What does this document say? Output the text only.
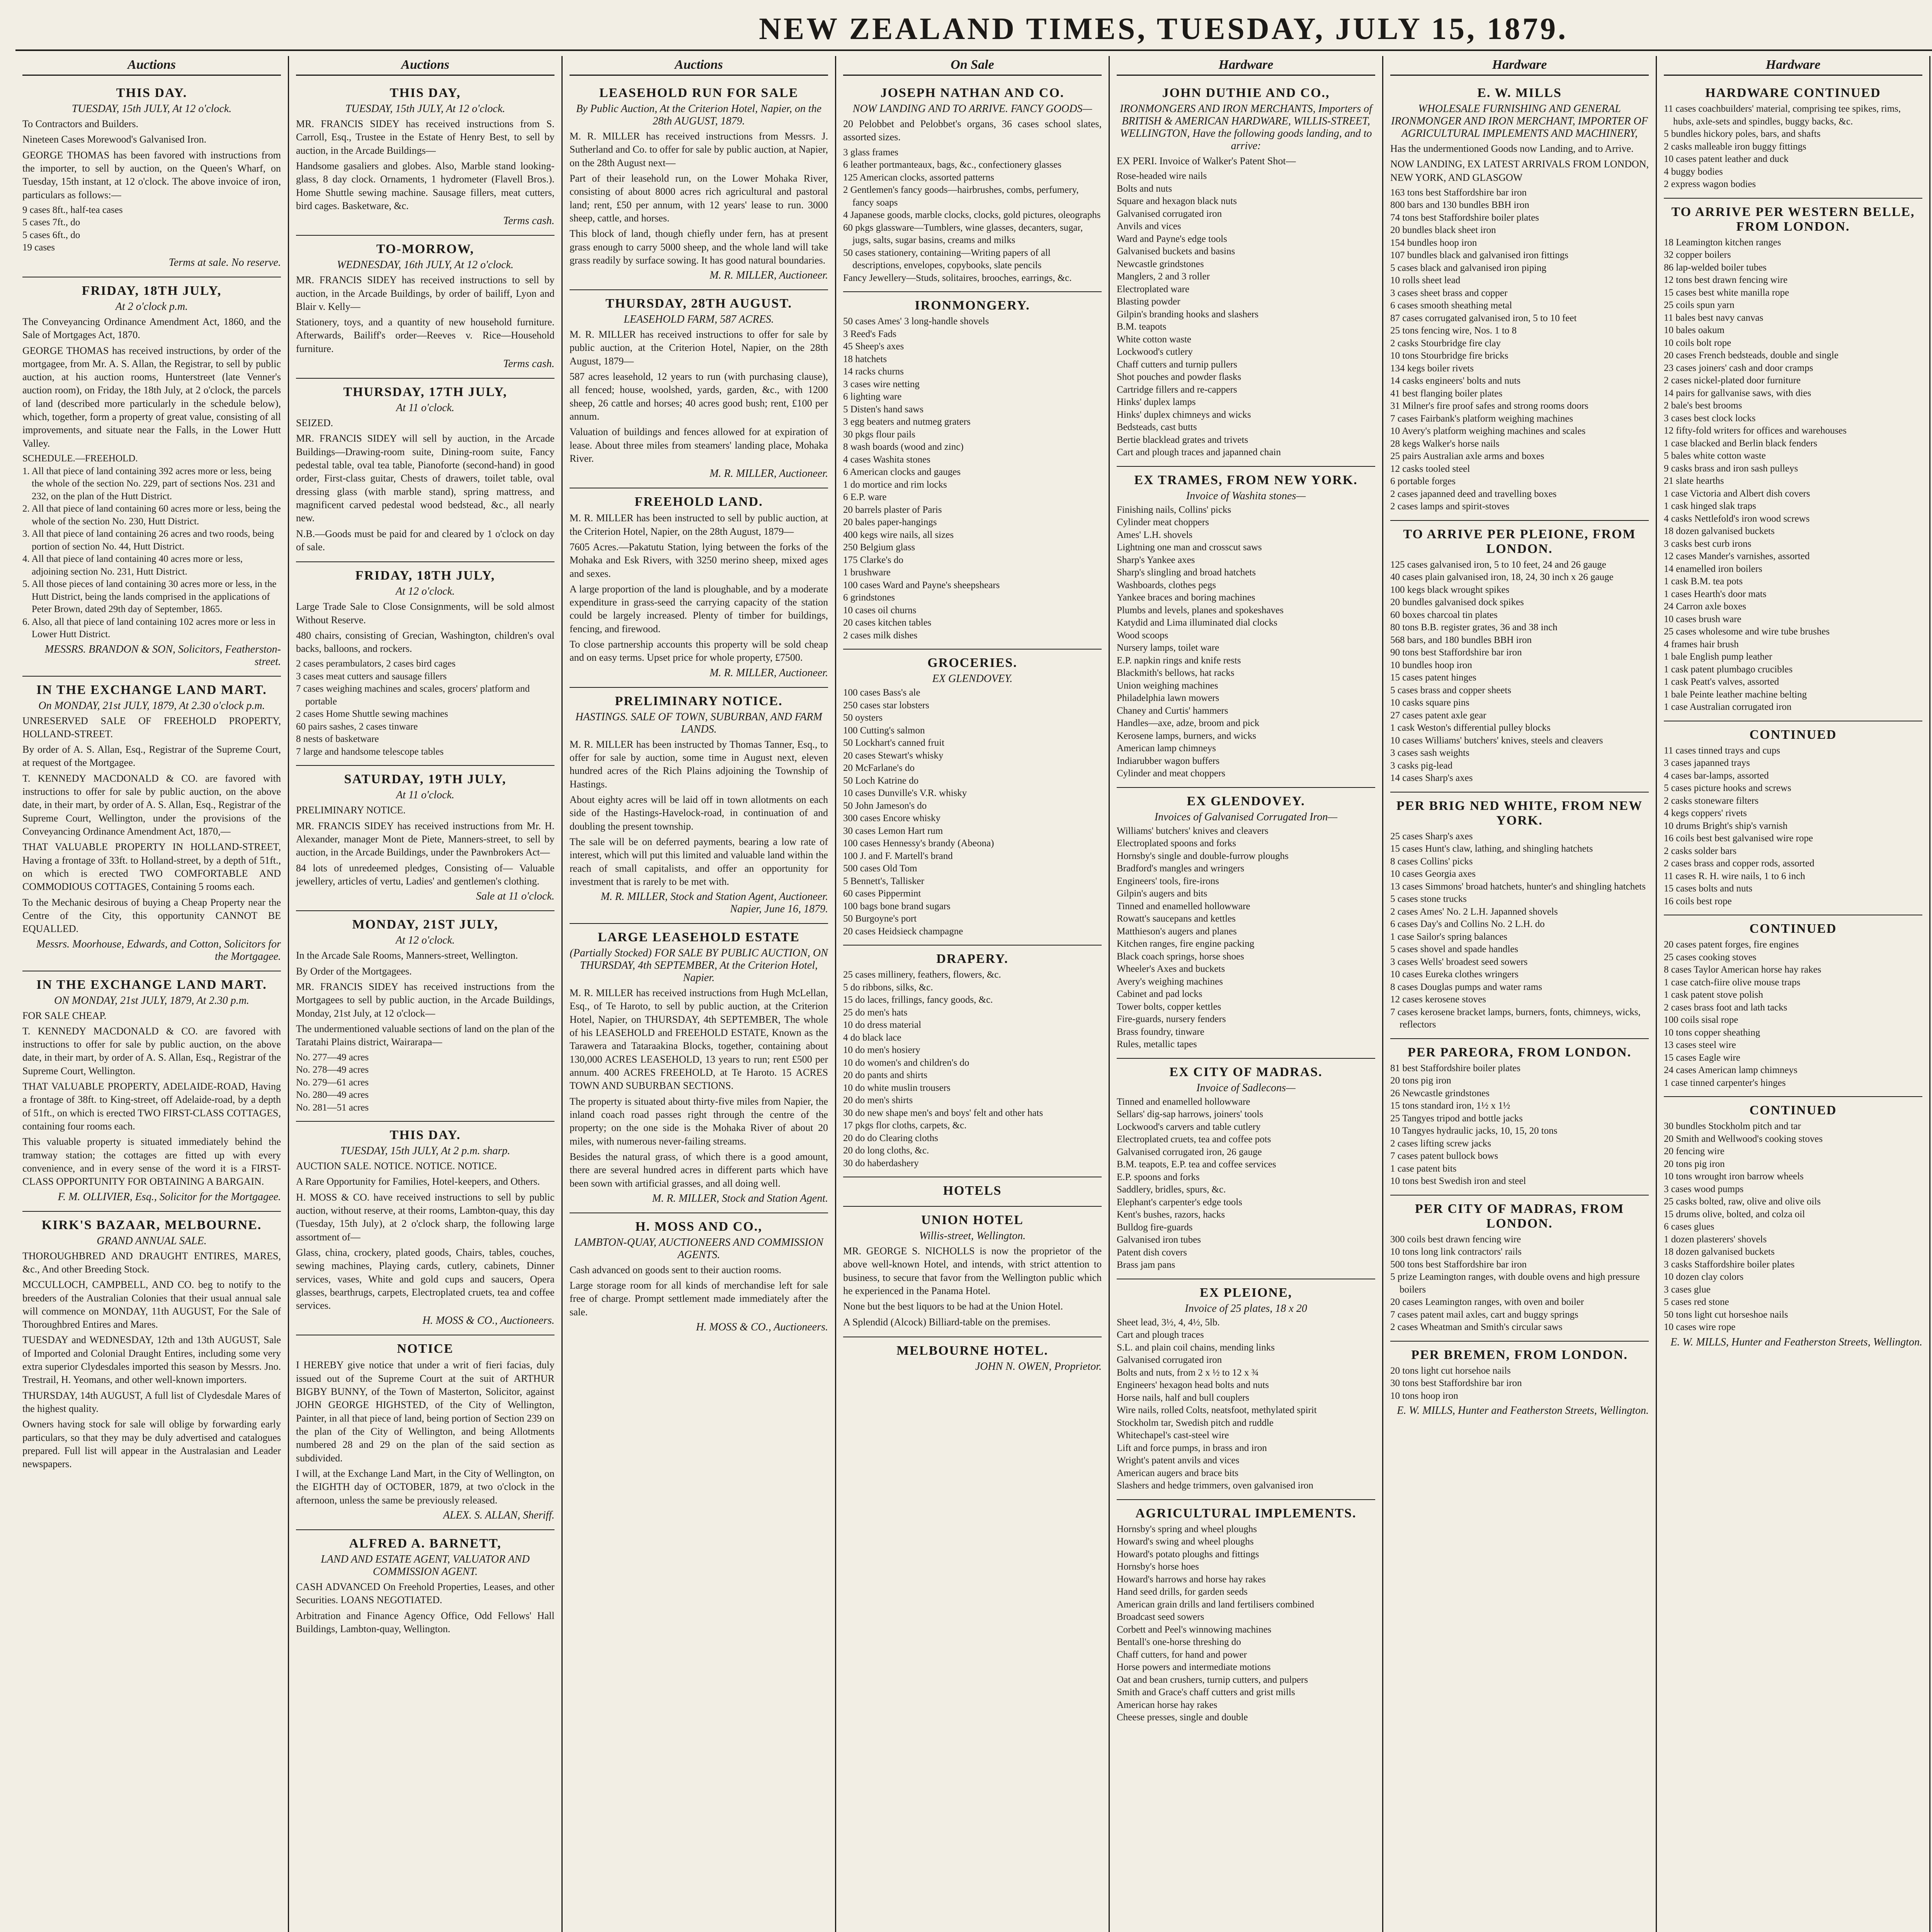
NEW ZEALAND TIMES, TUESDAY, JULY 15, 1879.
Auctions
THIS DAY.
TUESDAY, 15th JULY, At 12 o'clock.
To Contractors and Builders.
Nineteen Cases Morewood's Galvanised Iron.
GEORGE THOMAS has been favored with instructions from the importer, to sell by auction, on the Queen's Wharf, on Tuesday, 15th instant, at 12 o'clock. The above invoice of iron, particulars as follows:—
9 cases 8ft., half-tea cases
5 cases 7ft., do
5 cases 6ft., do
19 cases
Terms at sale. No reserve.
FRIDAY, 18TH JULY,
At 2 o'clock p.m.
The Conveyancing Ordinance Amendment Act, 1860, and the Sale of Mortgages Act, 1870.
GEORGE THOMAS has received instructions, by order of the mortgagee, from Mr. A. S. Allan, the Registrar, to sell by public auction, at his auction rooms, Hunterstreet (late Venner's auction room), on Friday, the 18th July, at 2 o'clock, the parcels of land (described more particularly in the schedule below), which, together, form a property of great value, consisting of all improvements, and situate near the Falls, in the Lower Hutt Valley.
SCHEDULE.—FREEHOLD.
1. All that piece of land containing 392 acres more or less, being the whole of the section No. 229, part of sections Nos. 231 and 232, on the plan of the Hutt District.
2. All that piece of land containing 60 acres more or less, being the whole of the section No. 230, Hutt District.
3. All that piece of land containing 26 acres and two roods, being portion of section No. 44, Hutt District.
4. All that piece of land containing 40 acres more or less, adjoining section No. 231, Hutt District.
5. All those pieces of land containing 30 acres more or less, in the Hutt District, being the lands comprised in the applications of Peter Brown, dated 29th day of September, 1865.
6. Also, all that piece of land containing 102 acres more or less in Lower Hutt District.
MESSRS. BRANDON & SON, Solicitors, Featherston-street.
IN THE EXCHANGE LAND MART.
On MONDAY, 21st JULY, 1879, At 2.30 o'clock p.m.
UNRESERVED SALE OF FREEHOLD PROPERTY, HOLLAND-STREET.
By order of A. S. Allan, Esq., Registrar of the Supreme Court, at request of the Mortgagee.
T. KENNEDY MACDONALD & CO. are favored with instructions to offer for sale by public auction, on the above date, in their mart, by order of A. S. Allan, Esq., Registrar of the Supreme Court, Wellington, under the provisions of the Conveyancing Ordinance Amendment Act, 1870,—
THAT VALUABLE PROPERTY IN HOLLAND-STREET, Having a frontage of 33ft. to Holland-street, by a depth of 51ft., on which is erected TWO COMFORTABLE AND COMMODIOUS COTTAGES, Containing 5 rooms each.
To the Mechanic desirous of buying a Cheap Property near the Centre of the City, this opportunity CANNOT BE EQUALLED.
Messrs. Moorhouse, Edwards, and Cotton, Solicitors for the Mortgagee.
IN THE EXCHANGE LAND MART.
ON MONDAY, 21st JULY, 1879, At 2.30 p.m.
FOR SALE CHEAP.
T. KENNEDY MACDONALD & CO. are favored with instructions to offer for sale by public auction, on the above date, in their mart, by order of A. S. Allan, Esq., Registrar of the Supreme Court, Wellington.
THAT VALUABLE PROPERTY, ADELAIDE-ROAD, Having a frontage of 38ft. to King-street, off Adelaide-road, by a depth of 51ft., on which is erected TWO FIRST-CLASS COTTAGES, containing four rooms each.
This valuable property is situated immediately behind the tramway station; the cottages are fitted up with every convenience, and in every sense of the word it is a FIRST-CLASS OPPORTUNITY FOR OBTAINING A BARGAIN.
F. M. OLLIVIER, Esq., Solicitor for the Mortgagee.
KIRK'S BAZAAR, MELBOURNE.
GRAND ANNUAL SALE.
THOROUGHBRED AND DRAUGHT ENTIRES, MARES, &c., And other Breeding Stock.
MCCULLOCH, CAMPBELL, AND CO. beg to notify to the breeders of the Australian Colonies that their usual annual sale will commence on MONDAY, 11th AUGUST, For the Sale of Thoroughbred Entires and Mares.
TUESDAY and WEDNESDAY, 12th and 13th AUGUST, Sale of Imported and Colonial Draught Entires, including some very extra superior Clydesdales imported this season by Messrs. Jno. Trestrail, H. Yeomans, and other well-known importers.
THURSDAY, 14th AUGUST, A full list of Clydesdale Mares of the highest quality.
Owners having stock for sale will oblige by forwarding early particulars, so that they may be duly advertised and catalogues prepared. Full list will appear in the Australasian and Leader newspapers.
Auctions
THIS DAY,
TUESDAY, 15th JULY, At 12 o'clock.
MR. FRANCIS SIDEY has received instructions from S. Carroll, Esq., Trustee in the Estate of Henry Best, to sell by auction, in the Arcade Buildings—
Handsome gasaliers and globes. Also, Marble stand looking-glass, 8 day clock. Ornaments, 1 hydrometer (Flavell Bros.). Home Shuttle sewing machine. Sausage fillers, meat cutters, bird cages. Basketware, &c.
Terms cash.
TO-MORROW,
WEDNESDAY, 16th JULY, At 12 o'clock.
MR. FRANCIS SIDEY has received instructions to sell by auction, in the Arcade Buildings, by order of bailiff, Lyon and Blair v. Kelly—
Stationery, toys, and a quantity of new household furniture. Afterwards, Bailiff's order—Reeves v. Rice—Household furniture.
Terms cash.
THURSDAY, 17TH JULY,
At 11 o'clock.
SEIZED.
MR. FRANCIS SIDEY will sell by auction, in the Arcade Buildings—Drawing-room suite, Dining-room suite, Fancy pedestal table, oval tea table, Pianoforte (second-hand) in good order, First-class guitar, Chests of drawers, toilet table, oval dressing glass (with marble stand), spring mattress, and magnificent carved pedestal wood bedstead, &c., all nearly new.
N.B.—Goods must be paid for and cleared by 1 o'clock on day of sale.
FRIDAY, 18TH JULY,
At 12 o'clock.
Large Trade Sale to Close Consignments, will be sold almost Without Reserve.
480 chairs, consisting of Grecian, Washington, children's oval backs, balloons, and rockers.
2 cases perambulators, 2 cases bird cages
3 cases meat cutters and sausage fillers
7 cases weighing machines and scales, grocers' platform and portable
2 cases Home Shuttle sewing machines
60 pairs sashes, 2 cases tinware
8 nests of basketware
7 large and handsome telescope tables
SATURDAY, 19TH JULY,
At 11 o'clock.
PRELIMINARY NOTICE.
MR. FRANCIS SIDEY has received instructions from Mr. H. Alexander, manager Mont de Piete, Manners-street, to sell by auction, in the Arcade Buildings, under the Pawnbrokers Act—
84 lots of unredeemed pledges, Consisting of— Valuable jewellery, articles of vertu, Ladies' and gentlemen's clothing.
Sale at 11 o'clock.
MONDAY, 21ST JULY,
At 12 o'clock.
In the Arcade Sale Rooms, Manners-street, Wellington.
By Order of the Mortgagees.
MR. FRANCIS SIDEY has received instructions from the Mortgagees to sell by public auction, in the Arcade Buildings, Monday, 21st July, at 12 o'clock—
The undermentioned valuable sections of land on the plan of the Taratahi Plains district, Wairarapa—
No. 277—49 acres
No. 278—49 acres
No. 279—61 acres
No. 280—49 acres
No. 281—51 acres
THIS DAY.
TUESDAY, 15th JULY, At 2 p.m. sharp.
AUCTION SALE. NOTICE. NOTICE. NOTICE.
A Rare Opportunity for Families, Hotel-keepers, and Others.
H. MOSS & CO. have received instructions to sell by public auction, without reserve, at their rooms, Lambton-quay, this day (Tuesday, 15th July), at 2 o'clock sharp, the following large assortment of—
Glass, china, crockery, plated goods, Chairs, tables, couches, sewing machines, Playing cards, cutlery, cabinets, Dinner services, vases, White and gold cups and saucers, Opera glasses, bearthrugs, carpets, Electroplated cruets, tea and coffee services.
H. MOSS & CO., Auctioneers.
NOTICE
I HEREBY give notice that under a writ of fieri facias, duly issued out of the Supreme Court at the suit of ARTHUR BIGBY BUNNY, of the Town of Masterton, Solicitor, against JOHN GEORGE HIGHSTED, of the City of Wellington, Painter, in all that piece of land, being portion of Section 239 on the plan of the City of Wellington, and being Allotments numbered 28 and 29 on the plan of the said section as subdivided.
I will, at the Exchange Land Mart, in the City of Wellington, on the EIGHTH day of OCTOBER, 1879, at two o'clock in the afternoon, unless the same be previously released.
ALEX. S. ALLAN, Sheriff.
ALFRED A. BARNETT,
LAND AND ESTATE AGENT, VALUATOR AND COMMISSION AGENT.
CASH ADVANCED On Freehold Properties, Leases, and other Securities. LOANS NEGOTIATED.
Arbitration and Finance Agency Office, Odd Fellows' Hall Buildings, Lambton-quay, Wellington.
Auctions
LEASEHOLD RUN FOR SALE
By Public Auction, At the Criterion Hotel, Napier, on the 28th AUGUST, 1879.
M. R. MILLER has received instructions from Messrs. J. Sutherland and Co. to offer for sale by public auction, at Napier, on the 28th August next—
Part of their leasehold run, on the Lower Mohaka River, consisting of about 8000 acres rich agricultural and pastoral land; rent, £50 per annum, with 12 years' lease to run. 3000 sheep, cattle, and horses.
This block of land, though chiefly under fern, has at present grass enough to carry 5000 sheep, and the whole land will take grass readily by surface sowing. It has good natural boundaries.
M. R. MILLER, Auctioneer.
THURSDAY, 28TH AUGUST.
LEASEHOLD FARM, 587 ACRES.
M. R. MILLER has received instructions to offer for sale by public auction, at the Criterion Hotel, Napier, on the 28th August, 1879—
587 acres leasehold, 12 years to run (with purchasing clause), all fenced; house, woolshed, yards, garden, &c., with 1200 sheep, 26 cattle and horses; 40 acres good bush; rent, £100 per annum.
Valuation of buildings and fences allowed for at expiration of lease. About three miles from steamers' landing place, Mohaka River.
M. R. MILLER, Auctioneer.
FREEHOLD LAND.
M. R. MILLER has been instructed to sell by public auction, at the Criterion Hotel, Napier, on the 28th August, 1879—
7605 Acres.—Pakatutu Station, lying between the forks of the Mohaka and Esk Rivers, with 3250 merino sheep, mixed ages and sexes.
A large proportion of the land is ploughable, and by a moderate expenditure in grass-seed the carrying capacity of the station could be largely increased. Plenty of timber for buildings, fencing, and firewood.
To close partnership accounts this property will be sold cheap and on easy terms. Upset price for whole property, £7500.
M. R. MILLER, Auctioneer.
PRELIMINARY NOTICE.
HASTINGS. SALE OF TOWN, SUBURBAN, AND FARM LANDS.
M. R. MILLER has been instructed by Thomas Tanner, Esq., to offer for sale by auction, some time in August next, eleven hundred acres of the Rich Plains adjoining the Township of Hastings.
About eighty acres will be laid off in town allotments on each side of the Hastings-Havelock-road, in continuation of and doubling the present township.
The sale will be on deferred payments, bearing a low rate of interest, which will put this limited and valuable land within the reach of small capitalists, and offer an opportunity for investment that is rarely to be met with.
M. R. MILLER, Stock and Station Agent, Auctioneer. Napier, June 16, 1879.
LARGE LEASEHOLD ESTATE
(Partially Stocked) FOR SALE BY PUBLIC AUCTION, ON THURSDAY, 4th SEPTEMBER, At the Criterion Hotel, Napier.
M. R. MILLER has received instructions from Hugh McLellan, Esq., of Te Haroto, to sell by public auction, at the Criterion Hotel, Napier, on THURSDAY, 4th SEPTEMBER, The whole of his LEASEHOLD and FREEHOLD ESTATE, Known as the Tarawera and Tataraakina Blocks, together, containing about 130,000 ACRES LEASEHOLD, 13 years to run; rent £500 per annum. 400 ACRES FREEHOLD, at Te Haroto. 15 ACRES TOWN AND SUBURBAN SECTIONS.
The property is situated about thirty-five miles from Napier, the inland coach road passes right through the centre of the property; on the one side is the Mohaka River of about 20 miles, with numerous never-failing streams.
Besides the natural grass, of which there is a good amount, there are several hundred acres in different parts which have been sown with artificial grasses, and all doing well.
M. R. MILLER, Stock and Station Agent.
H. MOSS AND CO.,
LAMBTON-QUAY, AUCTIONEERS AND COMMISSION AGENTS.
Cash advanced on goods sent to their auction rooms.
Large storage room for all kinds of merchandise left for sale free of charge. Prompt settlement made immediately after the sale.
H. MOSS & CO., Auctioneers.
On Sale
JOSEPH NATHAN AND CO.
NOW LANDING AND TO ARRIVE. FANCY GOODS—
20 Pelobbet and Pelobbet's organs, 36 cases school slates, assorted sizes.
3 glass frames
6 leather portmanteaux, bags, &c., confectionery glasses
125 American clocks, assorted patterns
2 Gentlemen's fancy goods—hairbrushes, combs, perfumery, fancy soaps
4 Japanese goods, marble clocks, clocks, gold pictures, oleographs
60 pkgs glassware—Tumblers, wine glasses, decanters, sugar, jugs, salts, sugar basins, creams and milks
50 cases stationery, containing—Writing papers of all descriptions, envelopes, copybooks, slate pencils
Fancy Jewellery—Studs, solitaires, brooches, earrings, &c.
IRONMONGERY.
50 cases Ames' 3 long-handle shovels
3 Reed's Fads
45 Sheep's axes
18 hatchets
14 racks churns
3 cases wire netting
6 lighting ware
5 Disten's hand saws
3 egg beaters and nutmeg graters
30 pkgs flour pails
8 wash boards (wood and zinc)
4 cases Washita stones
6 American clocks and gauges
1 do mortice and rim locks
6 E.P. ware
20 barrels plaster of Paris
20 bales paper-hangings
400 kegs wire nails, all sizes
250 Belgium glass
175 Clarke's do
1 brushware
100 cases Ward and Payne's sheepshears
6 grindstones
10 cases oil churns
20 cases kitchen tables
2 cases milk dishes
GROCERIES.
EX GLENDOVEY.
100 cases Bass's ale
250 cases star lobsters
50 oysters
100 Cutting's salmon
50 Lockhart's canned fruit
20 cases Stewart's whisky
20 McFarlane's do
50 Loch Katrine do
10 cases Dunville's V.R. whisky
50 John Jameson's do
300 cases Encore whisky
30 cases Lemon Hart rum
100 cases Hennessy's brandy (Abeona)
100 J. and F. Martell's brand
500 cases Old Tom
5 Bennett's, Tallisker
60 cases Pippermint
100 bags bone brand sugars
50 Burgoyne's port
20 cases Heidsieck champagne
DRAPERY.
25 cases millinery, feathers, flowers, &c.
5 do ribbons, silks, &c.
15 do laces, frillings, fancy goods, &c.
25 do men's hats
10 do dress material
4 do black lace
10 do men's hosiery
10 do women's and children's do
20 do pants and shirts
10 do white muslin trousers
20 do men's shirts
30 do new shape men's and boys' felt and other hats
17 pkgs flor cloths, carpets, &c.
20 do do Clearing cloths
20 do long cloths, &c.
30 do haberdashery
HOTELS
UNION HOTEL
Willis-street, Wellington.
MR. GEORGE S. NICHOLLS is now the proprietor of the above well-known Hotel, and intends, with strict attention to business, to secure that favor from the Wellington public which he experienced in the Panama Hotel.
None but the best liquors to be had at the Union Hotel.
A Splendid (Alcock) Billiard-table on the premises.
MELBOURNE HOTEL.
JOHN N. OWEN, Proprietor.
Hardware
JOHN DUTHIE AND CO.,
IRONMONGERS AND IRON MERCHANTS, Importers of BRITISH & AMERICAN HARDWARE, WILLIS-STREET, WELLINGTON, Have the following goods landing, and to arrive:
EX PERI. Invoice of Walker's Patent Shot—
Rose-headed wire nails
Bolts and nuts
Square and hexagon black nuts
Galvanised corrugated iron
Anvils and vices
Ward and Payne's edge tools
Galvanised buckets and basins
Newcastle grindstones
Manglers, 2 and 3 roller
Electroplated ware
Blasting powder
Gilpin's branding hooks and slashers
B.M. teapots
White cotton waste
Lockwood's cutlery
Chaff cutters and turnip pullers
Shot pouches and powder flasks
Cartridge fillers and re-cappers
Hinks' duplex lamps
Hinks' duplex chimneys and wicks
Bedsteads, cast butts
Bertie blacklead grates and trivets
Cart and plough traces and japanned chain
EX TRAMES, FROM NEW YORK.
Invoice of Washita stones—
Finishing nails, Collins' picks
Cylinder meat choppers
Ames' L.H. shovels
Lightning one man and crosscut saws
Sharp's Yankee axes
Sharp's slingling and broad hatchets
Washboards, clothes pegs
Yankee braces and boring machines
Plumbs and levels, planes and spokeshaves
Katydid and Lima illuminated dial clocks
Wood scoops
Nursery lamps, toilet ware
E.P. napkin rings and knife rests
Blackmith's bellows, hat racks
Union weighing machines
Philadelphia lawn mowers
Chaney and Curtis' hammers
Handles—axe, adze, broom and pick
Kerosene lamps, burners, and wicks
American lamp chimneys
Indiarubber wagon buffers
Cylinder and meat choppers
EX GLENDOVEY.
Invoices of Galvanised Corrugated Iron—
Williams' butchers' knives and cleavers
Electroplated spoons and forks
Hornsby's single and double-furrow ploughs
Bradford's mangles and wringers
Engineers' tools, fire-irons
Gilpin's augers and bits
Tinned and enamelled hollowware
Rowatt's saucepans and kettles
Matthieson's augers and planes
Kitchen ranges, fire engine packing
Black coach springs, horse shoes
Wheeler's Axes and buckets
Avery's weighing machines
Cabinet and pad locks
Tower bolts, copper kettles
Fire-guards, nursery fenders
Brass foundry, tinware
Rules, metallic tapes
EX CITY OF MADRAS.
Invoice of Sadlecons—
Tinned and enamelled hollowware
Sellars' dig-sap harrows, joiners' tools
Lockwood's carvers and table cutlery
Electroplated cruets, tea and coffee pots
Galvanised corrugated iron, 26 gauge
B.M. teapots, E.P. tea and coffee services
E.P. spoons and forks
Saddlery, bridles, spurs, &c.
Elephant's carpenter's edge tools
Kent's bushes, razors, hacks
Bulldog fire-guards
Galvanised iron tubes
Patent dish covers
Brass jam pans
EX PLEIONE,
Invoice of 25 plates, 18 x 20
Sheet lead, 3½, 4, 4½, 5lb.
Cart and plough traces
S.L. and plain coil chains, mending links
Galvanised corrugated iron
Bolts and nuts, from 2 x ½ to 12 x ¾
Engineers' hexagon head bolts and nuts
Horse nails, half and bull couplers
Wire nails, rolled Colts, neatsfoot, methylated spirit
Stockholm tar, Swedish pitch and ruddle
Whitechapel's cast-steel wire
Lift and force pumps, in brass and iron
Wright's patent anvils and vices
American augers and brace bits
Slashers and hedge trimmers, oven galvanised iron
AGRICULTURAL IMPLEMENTS.
Hornsby's spring and wheel ploughs
Howard's swing and wheel ploughs
Howard's potato ploughs and fittings
Hornsby's horse hoes
Howard's harrows and horse hay rakes
Hand seed drills, for garden seeds
American grain drills and land fertilisers combined
Broadcast seed sowers
Corbett and Peel's winnowing machines
Bentall's one-horse threshing do
Chaff cutters, for hand and power
Horse powers and intermediate motions
Oat and bean crushers, turnip cutters, and pulpers
Smith and Grace's chaff cutters and grist mills
American horse hay rakes
Cheese presses, single and double
Hardware
E. W. MILLS
WHOLESALE FURNISHING AND GENERAL IRONMONGER AND IRON MERCHANT, IMPORTER OF AGRICULTURAL IMPLEMENTS AND MACHINERY,
Has the undermentioned Goods now Landing, and to Arrive.
NOW LANDING, EX LATEST ARRIVALS FROM LONDON, NEW YORK, AND GLASGOW
163 tons best Staffordshire bar iron
800 bars and 130 bundles BBH iron
74 tons best Staffordshire boiler plates
20 bundles black sheet iron
154 bundles hoop iron
107 bundles black and galvanised iron fittings
5 cases black and galvanised iron piping
10 rolls sheet lead
3 cases sheet brass and copper
6 cases smooth sheathing metal
87 cases corrugated galvanised iron, 5 to 10 feet
25 tons fencing wire, Nos. 1 to 8
2 casks Stourbridge fire clay
10 tons Stourbridge fire bricks
134 kegs boiler rivets
14 casks engineers' bolts and nuts
41 best flanging boiler plates
31 Milner's fire proof safes and strong rooms doors
7 cases Fairbank's platform weighing machines
10 Avery's platform weighing machines and scales
28 kegs Walker's horse nails
25 pairs Australian axle arms and boxes
12 casks tooled steel
6 portable forges
2 cases japanned deed and travelling boxes
2 cases lamps and spirit-stoves
TO ARRIVE PER PLEIONE, FROM LONDON.
125 cases galvanised iron, 5 to 10 feet, 24 and 26 gauge
40 cases plain galvanised iron, 18, 24, 30 inch x 26 gauge
100 kegs black wrought spikes
20 bundles galvanised dock spikes
60 boxes charcoal tin plates
80 tons B.B. register grates, 36 and 38 inch
568 bars, and 180 bundles BBH iron
90 tons best Staffordshire bar iron
10 bundles hoop iron
15 cases patent hinges
5 cases brass and copper sheets
10 casks square pins
27 cases patent axle gear
1 cask Weston's differential pulley blocks
10 cases Williams' butchers' knives, steels and cleavers
3 cases sash weights
3 casks pig-lead
14 cases Sharp's axes
PER BRIG NED WHITE, FROM NEW YORK.
25 cases Sharp's axes
15 cases Hunt's claw, lathing, and shingling hatchets
8 cases Collins' picks
10 cases Georgia axes
13 cases Simmons' broad hatchets, hunter's and shingling hatchets
5 cases stone trucks
2 cases Ames' No. 2 L.H. Japanned shovels
6 cases Day's and Collins No. 2 L.H. do
1 case Sailor's spring balances
5 cases shovel and spade handles
3 cases Wells' broadest seed sowers
10 cases Eureka clothes wringers
8 cases Douglas pumps and water rams
12 cases kerosene stoves
7 cases kerosene bracket lamps, burners, fonts, chimneys, wicks, reflectors
PER PAREORA, FROM LONDON.
81 best Staffordshire boiler plates
20 tons pig iron
26 Newcastle grindstones
15 tons standard iron, 1½ x 1½
25 Tangyes tripod and bottle jacks
10 Tangyes hydraulic jacks, 10, 15, 20 tons
2 cases lifting screw jacks
7 cases patent bullock bows
1 case patent bits
10 tons best Swedish iron and steel
PER CITY OF MADRAS, FROM LONDON.
300 coils best drawn fencing wire
10 tons long link contractors' rails
500 tons best Staffordshire bar iron
5 prize Leamington ranges, with double ovens and high pressure boilers
20 cases Leamington ranges, with oven and boiler
7 cases patent mail axles, cart and buggy springs
2 cases Wheatman and Smith's circular saws
PER BREMEN, FROM LONDON.
20 tons light cut horsehoe nails
30 tons best Staffordshire bar iron
10 tons hoop iron
E. W. MILLS, Hunter and Featherston Streets, Wellington.
Hardware
HARDWARE CONTINUED
11 cases coachbuilders' material, comprising tee spikes, rims, hubs, axle-sets and spindles, buggy backs, &c.
5 bundles hickory poles, bars, and shafts
2 casks malleable iron buggy fittings
10 cases patent leather and duck
4 buggy bodies
2 express wagon bodies
TO ARRIVE PER WESTERN BELLE, FROM LONDON.
18 Leamington kitchen ranges
32 copper boilers
86 lap-welded boiler tubes
12 tons best drawn fencing wire
15 cases best white manilla rope
25 coils spun yarn
11 bales best navy canvas
10 bales oakum
10 coils bolt rope
20 cases French bedsteads, double and single
23 cases joiners' cash and door cramps
2 cases nickel-plated door furniture
14 pairs for gallvanise saws, with dies
2 bale's best brooms
3 cases best clock locks
12 fifty-fold writers for offices and warehouses
1 case blacked and Berlin black fenders
5 bales white cotton waste
9 casks brass and iron sash pulleys
21 slate hearths
1 case Victoria and Albert dish covers
1 cask hinged slak traps
4 casks Nettlefold's iron wood screws
18 dozen galvanised buckets
3 casks best curb irons
12 cases Mander's varnishes, assorted
14 enamelled iron boilers
1 cask B.M. tea pots
1 cases Hearth's door mats
24 Carron axle boxes
10 cases brush ware
25 cases wholesome and wire tube brushes
4 frames hair brush
1 bale English pump leather
1 cask patent plumbago crucibles
1 cask Peatt's valves, assorted
1 bale Peinte leather machine belting
1 case Australian corrugated iron
CONTINUED
11 cases tinned trays and cups
3 cases japanned trays
4 cases bar-lamps, assorted
5 cases picture hooks and screws
2 casks stoneware filters
4 kegs coppers' rivets
10 drums Bright's ship's varnish
16 coils best best galvanised wire rope
2 casks solder bars
2 cases brass and copper rods, assorted
11 cases R. H. wire nails, 1 to 6 inch
15 cases bolts and nuts
16 coils best rope
CONTINUED
20 cases patent forges, fire engines
25 cases cooking stoves
8 cases Taylor American horse hay rakes
1 case catch-fiire olive mouse traps
1 cask patent stove polish
2 cases brass foot and lath tacks
100 coils sisal rope
10 tons copper sheathing
13 cases steel wire
15 cases Eagle wire
24 cases American lamp chimneys
1 case tinned carpenter's hinges
CONTINUED
30 bundles Stockholm pitch and tar
20 Smith and Wellwood's cooking stoves
20 fencing wire
20 tons pig iron
10 tons wrought iron barrow wheels
3 cases wood pumps
25 casks bolted, raw, olive and olive oils
15 drums olive, bolted, and colza oil
6 cases glues
1 dozen plasterers' shovels
18 dozen galvanised buckets
3 casks Staffordshire boiler plates
10 dozen clay colors
3 cases glue
5 cases red stone
50 tons light cut horseshoe nails
10 cases wire rope
E. W. MILLS, Hunter and Featherston Streets, Wellington.
